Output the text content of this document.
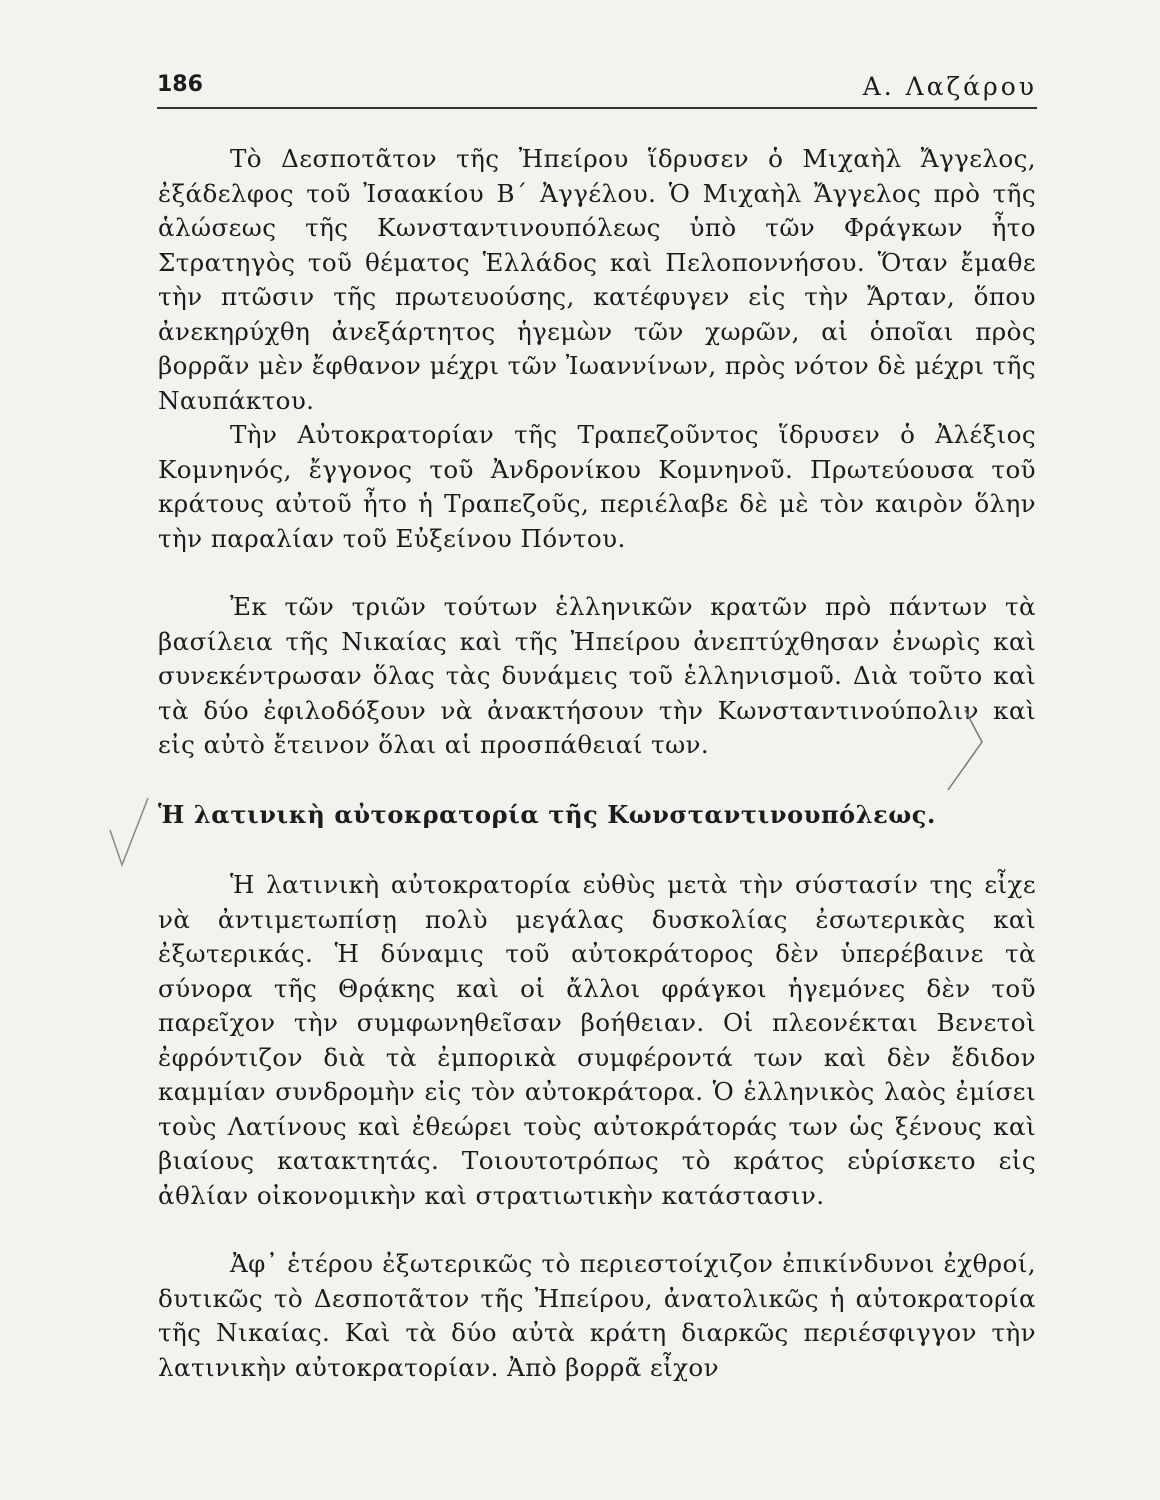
186	Α. Λαζάρου

Τὸ Δεσποτᾶτον τῆς Ἠπείρου ἵδρυσεν ὁ Μιχαὴλ Ἄγγελος, ἐξάδελφος τοῦ Ἰσαακίου Β΄ Ἀγγέλου. Ὁ Μιχαὴλ Ἄγγελος πρὸ τῆς ἁλώσεως τῆς Κωνσταντινουπόλεως ὑπὸ τῶν Φράγκων ἦτο Στρατηγὸς τοῦ θέματος Ἑλλάδος καὶ Πελοποννήσου. Ὅταν ἔμαθε τὴν πτῶσιν τῆς πρωτευούσης, κατέφυγεν εἰς τὴν Ἄρταν, ὅπου ἀνεκηρύχθη ἀνεξάρτητος ἡγεμὼν τῶν χωρῶν, αἱ ὁποῖαι πρὸς βορρᾶν μὲν ἔφθανον μέχρι τῶν Ἰωαννίνων, πρὸς νότον δὲ μέχρι τῆς Ναυπάκτου.

Τὴν Αὐτοκρατορίαν τῆς Τραπεζοῦντος ἵδρυσεν ὁ Ἀλέξιος Κομνηνός, ἔγγονος τοῦ Ἀνδρονίκου Κομνηνοῦ. Πρωτεύουσα τοῦ κράτους αὐτοῦ ἦτο ἡ Τραπεζοῦς, περιέλαβε δὲ μὲ τὸν καιρὸν ὅλην τὴν παραλίαν τοῦ Εὐξείνου Πόντου.

Ἐκ τῶν τριῶν τούτων ἑλληνικῶν κρατῶν πρὸ πάντων τὰ βασίλεια τῆς Νικαίας καὶ τῆς Ἠπείρου ἀνεπτύχθησαν ἐνωρὶς καὶ συνεκέντρωσαν ὅλας τὰς δυνάμεις τοῦ ἑλληνισμοῦ. Διὰ τοῦτο καὶ τὰ δύο ἐφιλοδόξουν νὰ ἀνακτήσουν τὴν Κωνσταντινούπολιν καὶ εἰς αὐτὸ ἔτεινον ὅλαι αἱ προσπάθειαί των.

Ἡ λατινικὴ αὐτοκρατορία τῆς Κωνσταντινουπόλεως.

Ἡ λατινικὴ αὐτοκρατορία εὐθὺς μετὰ τὴν σύστασίν της εἶχε νὰ ἀντιμετωπίσῃ πολὺ μεγάλας δυσκολίας ἐσωτερικὰς καὶ ἐξωτερικάς. Ἡ δύναμις τοῦ αὐτοκράτορος δὲν ὑπερέβαινε τὰ σύνορα τῆς Θρᾴκης καὶ οἱ ἄλλοι φράγκοι ἡγεμόνες δὲν τοῦ παρεῖχον τὴν συμφωνηθεῖσαν βοήθειαν. Οἱ πλεονέκται Βενετοὶ ἐφρόντιζον διὰ τὰ ἐμπορικὰ συμφέροντά των καὶ δὲν ἔδιδον καμμίαν συνδρομὴν εἰς τὸν αὐτοκράτορα. Ὁ ἑλληνικὸς λαὸς ἐμίσει τοὺς Λατίνους καὶ ἐθεώρει τοὺς αὐτοκράτοράς των ὡς ξένους καὶ βιαίους κατακτητάς. Τοιουτοτρόπως τὸ κράτος εὑρίσκετο εἰς ἀθλίαν οἰκονομικὴν καὶ στρατιωτικὴν κατάστασιν.

Ἀφ᾽ ἑτέρου ἐξωτερικῶς τὸ περιεστοίχιζον ἐπικίνδυνοι ἐχθροί, δυτικῶς τὸ Δεσποτᾶτον τῆς Ἠπείρου, ἀνατολικῶς ἡ αὐτοκρατορία τῆς Νικαίας. Καὶ τὰ δύο αὐτὰ κράτη διαρκῶς περιέσφιγγον τὴν λατινικὴν αὐτοκρατορίαν. Ἀπὸ βορρᾶ εἶχον
